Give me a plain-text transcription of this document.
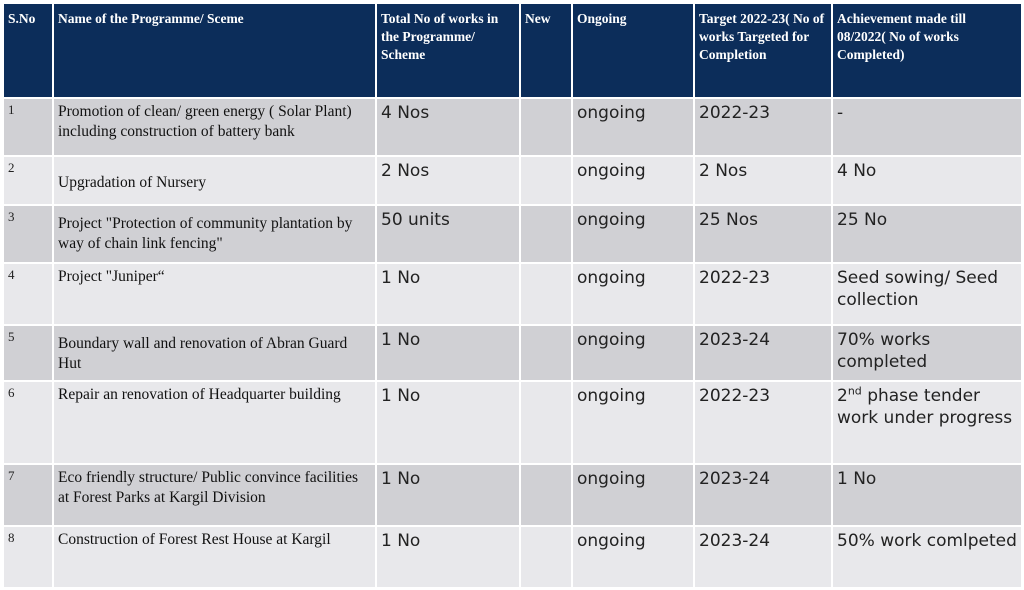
S.No	Name of the Programme/ Sceme	Total No of works in the Programme/ Scheme	New	Ongoing	Target 2022-23( No of works Targeted for Completion	Achievement made till 08/2022( No of works Completed)
1	Promotion of clean/ green energy ( Solar Plant) including construction of battery bank	4 Nos		ongoing	2022-23	-
2	Upgradation of Nursery	2 Nos		ongoing	2 Nos	4 No
3	Project "Protection of community plantation by way of chain link fencing"	50 units		ongoing	25 Nos	25 No
4	Project "Juniper“	1 No		ongoing	2022-23	Seed sowing/ Seed collection
5	Boundary wall and renovation of Abran Guard Hut	1 No		ongoing	2023-24	70% works completed
6	Repair an renovation of Headquarter building	1 No		ongoing	2022-23	2nd phase tender work under progress
7	Eco friendly structure/ Public convince facilities at Forest Parks at Kargil Division	1 No		ongoing	2023-24	1 No
8	Construction of Forest Rest House at Kargil	1 No		ongoing	2023-24	50% work comlpeted
